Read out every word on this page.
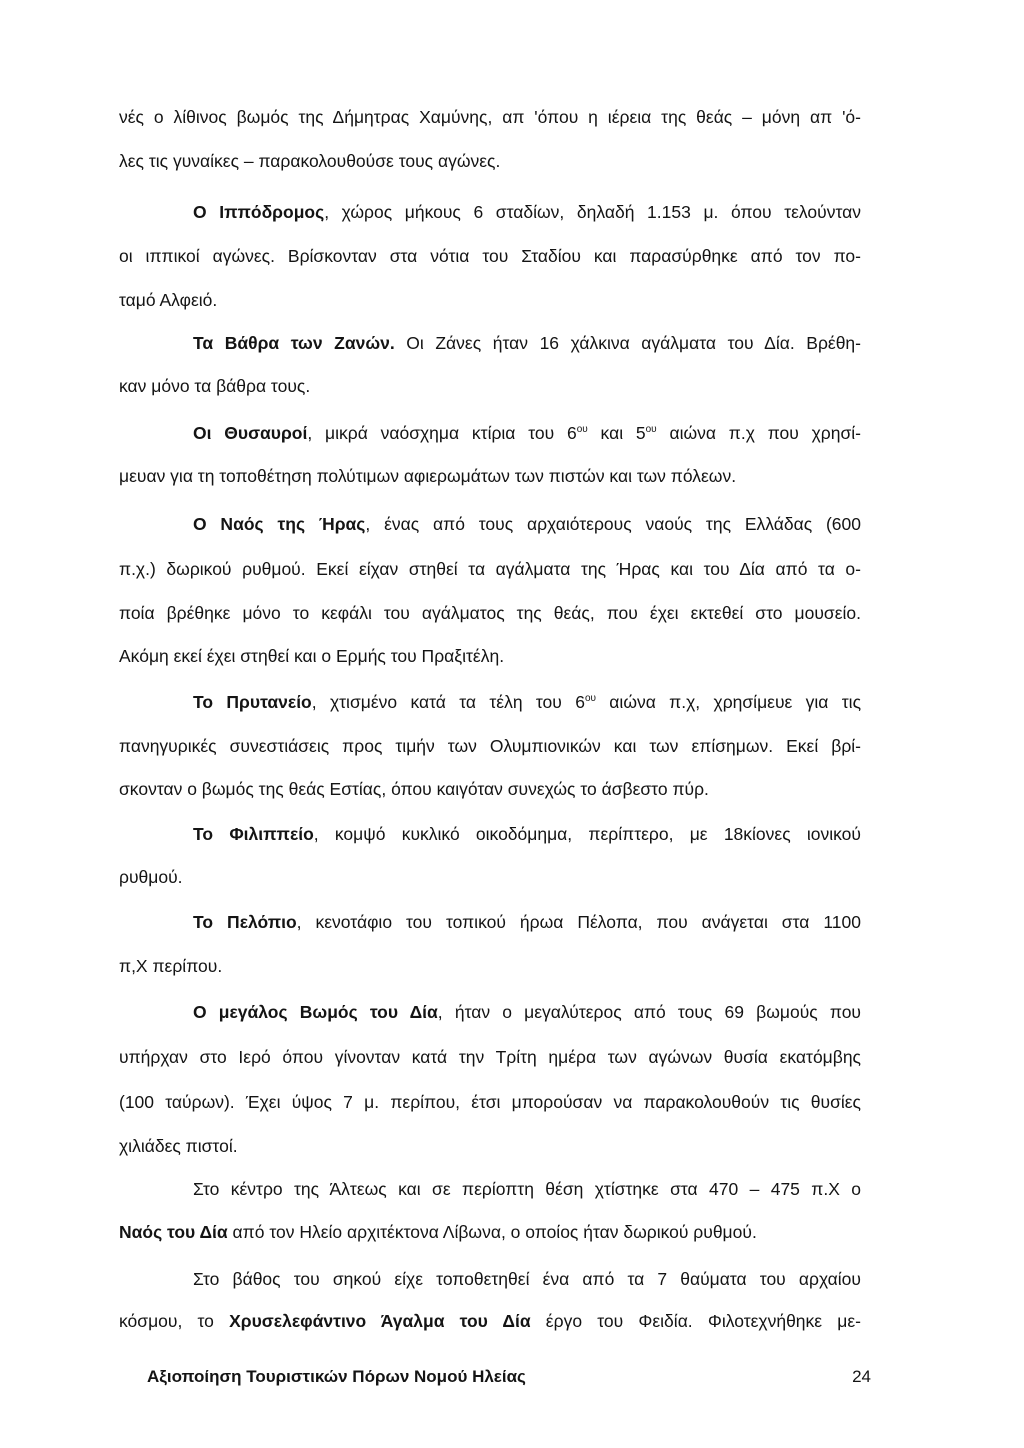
νές ο λίθινος βωμός της Δήμητρας Χαμύνης, απ 'όπου η ιέρεια της θεάς – μόνη απ 'ό-
λες τις γυναίκες – παρακολουθούσε τους αγώνες.
Ο Ιππόδρομος, χώρος μήκους 6 σταδίων, δηλαδή 1.153 μ. όπου τελούνταν
οι ιππικοί αγώνες. Βρίσκονταν στα νότια του Σταδίου και παρασύρθηκε από τον πο-
ταμό Αλφειό.
Τα Βάθρα των Ζανών. Οι Ζάνες ήταν 16 χάλκινα αγάλματα του Δία. Βρέθη-
καν μόνο τα βάθρα τους.
Οι Θυσαυροί, μικρά ναόσχημα κτίρια του $6^{o\upsilon}$ και $5^{o\upsilon}$ αιώνα π.χ που χρησί-
μευαν για τη τοποθέτηση πολύτιμων αφιερωμάτων των πιστών και των πόλεων.
Ο Ναός της Ήρας, ένας από τους αρχαιότερους ναούς της Ελλάδας (600
π.χ.) δωρικού ρυθμού. Εκεί είχαν στηθεί τα αγάλματα της Ήρας και του Δία από τα ο-
ποία βρέθηκε μόνο το κεφάλι του αγάλματος της θεάς, που έχει εκτεθεί στο μουσείο.
Ακόμη εκεί έχει στηθεί και ο Ερμής του Πραξιτέλη.
Το Πρυτανείο, χτισμένο κατά τα τέλη του $6^{o\upsilon}$ αιώνα π.χ, χρησίμευε για τις
πανηγυρικές συνεστιάσεις προς τιμήν των Ολυμπιονικών και των επίσημων. Εκεί βρί-
σκονταν ο βωμός της θεάς Εστίας, όπου καιγόταν συνεχώς το άσβεστο πύρ.
Το Φιλιππείο, κομψό κυκλικό οικοδόμημα, περίπτερο, με 18κίονες ιονικού
ρυθμού.
Το Πελόπιο, κενοτάφιο του τοπικού ήρωα Πέλοπα, που ανάγεται στα 1100
π,Χ περίπου.
Ο μεγάλος Βωμός του Δία, ήταν ο μεγαλύτερος από τους 69 βωμούς που
υπήρχαν στο Ιερό όπου γίνονταν κατά την Τρίτη ημέρα των αγώνων θυσία εκατόμβης
(100 ταύρων). Έχει ύψος 7 μ. περίπου, έτσι μπορούσαν να παρακολουθούν τις θυσίες
χιλιάδες πιστοί.
Στο κέντρο της Άλτεως και σε περίοπτη θέση χτίστηκε στα 470 – 475 π.Χ ο
Ναός του Δία από τον Ηλείο αρχιτέκτονα Λίβωνα, ο οποίος ήταν δωρικού ρυθμού.
Στο βάθος του σηκού είχε τοποθετηθεί ένα από τα 7 θαύματα του αρχαίου
κόσμου, το Χρυσελεφάντινο Άγαλμα του Δία έργο του Φειδία. Φιλοτεχνήθηκε με-
Αξιοποίηση Τουριστικών Πόρων Νομού Ηλείας	24
